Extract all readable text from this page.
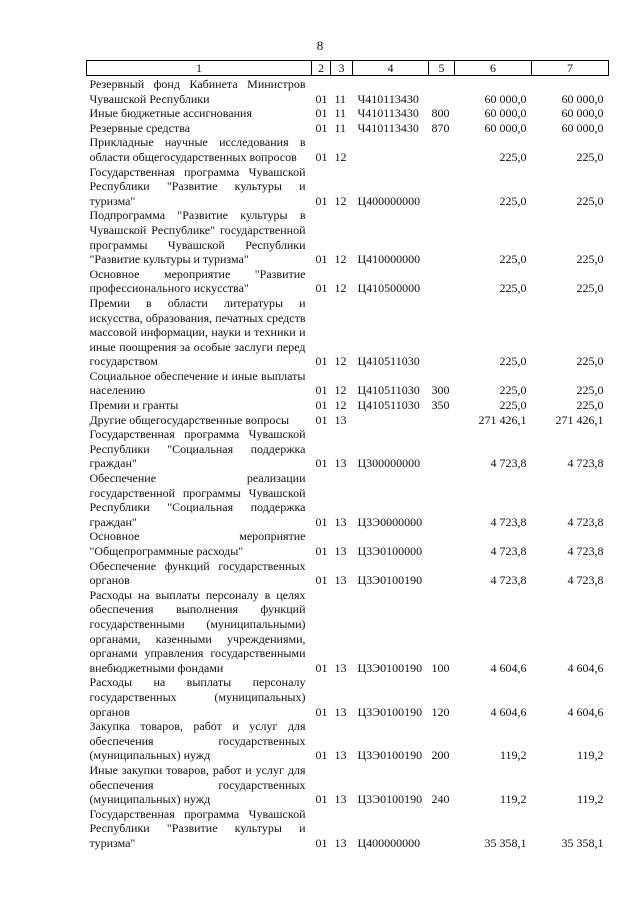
8
1	2	3	4	5	6	7
Резервный фонд Кабинета Министров Чувашской Республики	01	11	Ч410113430		60 000,0	60 000,0
Иные бюджетные ассигнования	01	11	Ч410113430	800	60 000,0	60 000,0
Резервные средства	01	11	Ч410113430	870	60 000,0	60 000,0
Прикладные научные исследования в области общегосударственных вопросов	01	12			225,0	225,0
Государственная программа Чувашской Республики "Развитие культуры и туризма"	01	12	Ц400000000		225,0	225,0
Подпрограмма "Развитие культуры в Чувашской Республике" государственной программы Чувашской Республики "Развитие культуры и туризма"	01	12	Ц410000000		225,0	225,0
Основное мероприятие "Развитие профессионального искусства"	01	12	Ц410500000		225,0	225,0
Премии в области литературы и искусства, образования, печатных средств массовой информации, науки и техники и иные поощрения за особые заслуги перед государством	01	12	Ц410511030		225,0	225,0
Социальное обеспечение и иные выплаты населению	01	12	Ц410511030	300	225,0	225,0
Премии и гранты	01	12	Ц410511030	350	225,0	225,0
Другие общегосударственные вопросы	01	13			271 426,1	271 426,1
Государственная программа Чувашской Республики "Социальная поддержка граждан"	01	13	Ц300000000		4 723,8	4 723,8
Обеспечение реализации государственной программы Чувашской Республики "Социальная поддержка граждан"	01	13	Ц3Э0000000		4 723,8	4 723,8
Основное мероприятие "Общепрограммные расходы"	01	13	Ц3Э0100000		4 723,8	4 723,8
Обеспечение функций государственных органов	01	13	Ц3Э0100190		4 723,8	4 723,8
Расходы на выплаты персоналу в целях обеспечения выполнения функций государственными (муниципальными) органами, казенными учреждениями, органами управления государственными внебюджетными фондами	01	13	Ц3Э0100190	100	4 604,6	4 604,6
Расходы на выплаты персоналу государственных (муниципальных) органов	01	13	Ц3Э0100190	120	4 604,6	4 604,6
Закупка товаров, работ и услуг для обеспечения государственных (муниципальных) нужд	01	13	Ц3Э0100190	200	119,2	119,2
Иные закупки товаров, работ и услуг для обеспечения государственных (муниципальных) нужд	01	13	Ц3Э0100190	240	119,2	119,2
Государственная программа Чувашской Республики "Развитие культуры и туризма"	01	13	Ц400000000		35 358,1	35 358,1
